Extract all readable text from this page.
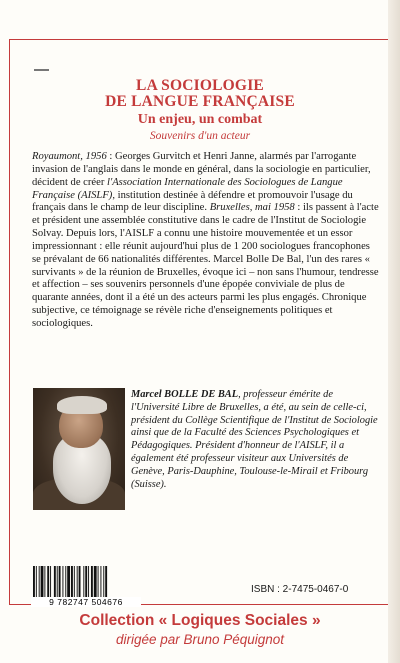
LA SOCIOLOGIE
DE LANGUE FRANÇAISE
Un enjeu, un combat
Souvenirs d'un acteur

Royaumont, 1956 : Georges Gurvitch et Henri Janne, alarmés par l'arrogante invasion de l'anglais dans le monde en général, dans la sociologie en particulier, décident de créer l'Association Internationale des Sociologues de Langue Française (AISLF), institution destinée à défendre et promouvoir l'usage du français dans le champ de leur discipline. Bruxelles, mai 1958 : ils passent à l'acte et président une assemblée constitutive dans le cadre de l'Institut de Sociologie Solvay. Depuis lors, l'AISLF a connu une histoire mouvementée et un essor impressionnant : elle réunit aujourd'hui plus de 1 200 sociologues francophones se prévalant de 66 nationalités différentes. Marcel Bolle De Bal, l'un des rares « survivants » de la réunion de Bruxelles, évoque ici – non sans l'humour, tendresse et affection – ses souvenirs personnels d'une épopée conviviale de plus de quarante années, dont il a été un des acteurs parmi les plus engagés. Chronique subjective, ce témoignage se révèle riche d'enseignements politiques et sociologiques.

Marcel BOLLE DE BAL, professeur émérite de l'Université Libre de Bruxelles, a été, au sein de celle-ci, président du Collège Scientifique de l'Institut de Sociologie ainsi que de la Faculté des Sciences Psychologiques et Pédagogiques. Président d'honneur de l'AISLF, il a également été professeur visiteur aux Universités de Genève, Paris-Dauphine, Toulouse-le-Mirail et Fribourg (Suisse).
9 782747 504676
ISBN : 2-7475-0467-0
Collection « Logiques Sociales »
dirigée par Bruno Péquignot
